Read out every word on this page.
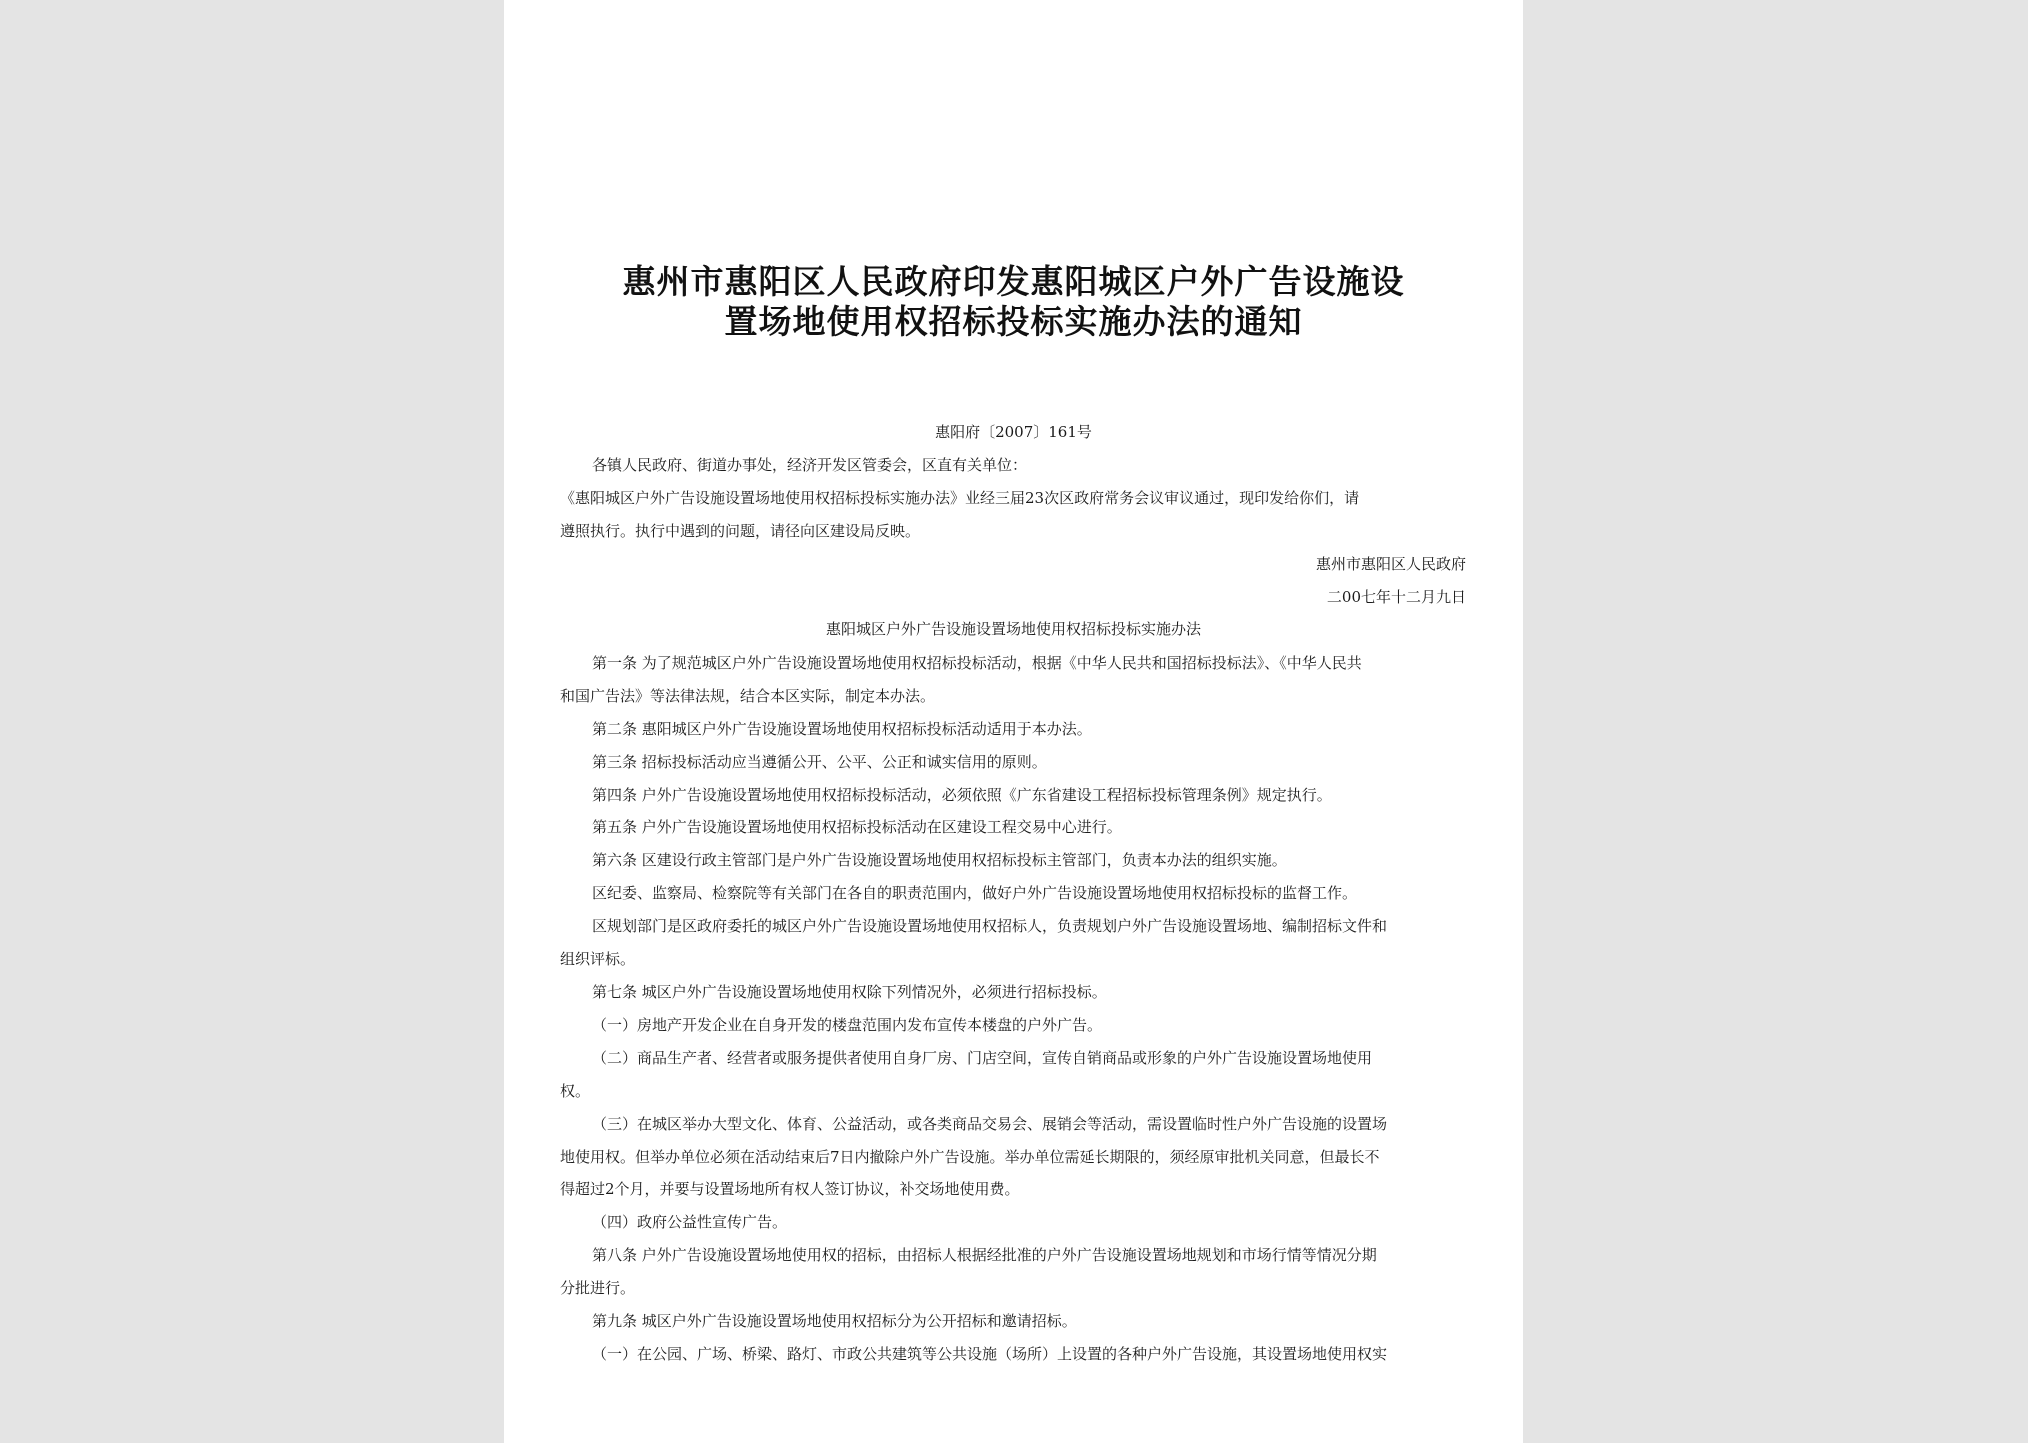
惠州市惠阳区人民政府印发惠阳城区户外广告设施设
置场地使用权招标投标实施办法的通知
惠阳府〔2007〕161号
各镇人民政府、街道办事处，经济开发区管委会，区直有关单位：
《惠阳城区户外广告设施设置场地使用权招标投标实施办法》业经三届23次区政府常务会议审议通过，现印发给你们，请
遵照执行。执行中遇到的问题，请径向区建设局反映。
惠州市惠阳区人民政府
二00七年十二月九日
惠阳城区户外广告设施设置场地使用权招标投标实施办法
第一条 为了规范城区户外广告设施设置场地使用权招标投标活动，根据《中华人民共和国招标投标法》、《中华人民共
和国广告法》等法律法规，结合本区实际，制定本办法。
第二条 惠阳城区户外广告设施设置场地使用权招标投标活动适用于本办法。
第三条 招标投标活动应当遵循公开、公平、公正和诚实信用的原则。
第四条 户外广告设施设置场地使用权招标投标活动，必须依照《广东省建设工程招标投标管理条例》规定执行。
第五条 户外广告设施设置场地使用权招标投标活动在区建设工程交易中心进行。
第六条 区建设行政主管部门是户外广告设施设置场地使用权招标投标主管部门，负责本办法的组织实施。
区纪委、监察局、检察院等有关部门在各自的职责范围内，做好户外广告设施设置场地使用权招标投标的监督工作。
区规划部门是区政府委托的城区户外广告设施设置场地使用权招标人，负责规划户外广告设施设置场地、编制招标文件和
组织评标。
第七条 城区户外广告设施设置场地使用权除下列情况外，必须进行招标投标。
（一）房地产开发企业在自身开发的楼盘范围内发布宣传本楼盘的户外广告。
（二）商品生产者、经营者或服务提供者使用自身厂房、门店空间，宣传自销商品或形象的户外广告设施设置场地使用
权。
（三）在城区举办大型文化、体育、公益活动，或各类商品交易会、展销会等活动，需设置临时性户外广告设施的设置场
地使用权。但举办单位必须在活动结束后7日内撤除户外广告设施。举办单位需延长期限的，须经原审批机关同意，但最长不
得超过2个月，并要与设置场地所有权人签订协议，补交场地使用费。
（四）政府公益性宣传广告。
第八条 户外广告设施设置场地使用权的招标，由招标人根据经批准的户外广告设施设置场地规划和市场行情等情况分期
分批进行。
第九条 城区户外广告设施设置场地使用权招标分为公开招标和邀请招标。
（一）在公园、广场、桥梁、路灯、市政公共建筑等公共设施（场所）上设置的各种户外广告设施，其设置场地使用权实
